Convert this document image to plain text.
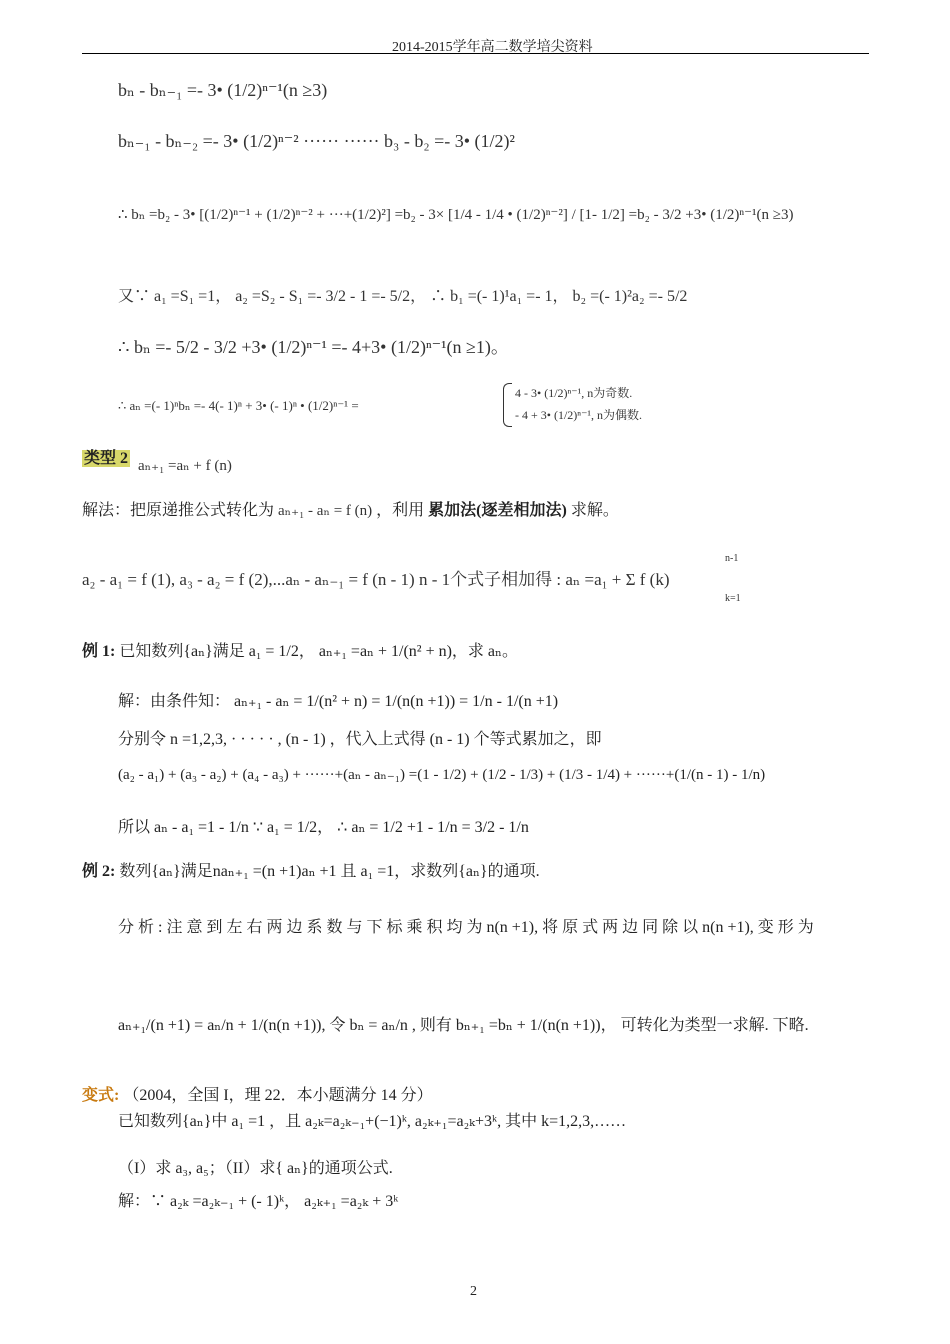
2014-2015学年高二数学培尖资料
bₙ - bₙ₋₁ =- 3• (1/2)ⁿ⁻¹(n ≥3)
bₙ₋₁ - bₙ₋₂ =- 3• (1/2)ⁿ⁻² ······ ······ b₃ - b₂ =- 3• (1/2)²
∴ bₙ =b₂ - 3• [(1/2)ⁿ⁻¹ + (1/2)ⁿ⁻² + ···+(1/2)²] =b₂ - 3× [1/4 - 1/4 • (1/2)ⁿ⁻²] / [1- 1/2] =b₂ - 3/2 +3• (1/2)ⁿ⁻¹(n ≥3)
又∵ a₁ =S₁ =1， a₂ =S₂ - S₁ =- 3/2 - 1 =- 5/2， ∴ b₁ =(- 1)¹a₁ =- 1， b₂ =(- 1)²a₂ =- 5/2
∴ bₙ =- 5/2 - 3/2 +3• (1/2)ⁿ⁻¹ =- 4+3• (1/2)ⁿ⁻¹(n ≥1)。
∴ aₙ =(- 1)ⁿbₙ =- 4(- 1)ⁿ + 3• (- 1)ⁿ • (1/2)ⁿ⁻¹ =
4 - 3• (1/2)ⁿ⁻¹, n为奇数.
- 4 + 3• (1/2)ⁿ⁻¹, n为偶数.
类型 2 aₙ₊₁ =aₙ + f (n)
解法：把原递推公式转化为 aₙ₊₁ - aₙ = f (n) ，利用 累加法(逐差相加法) 求解。
a₂ - a₁ = f (1), a₃ - a₂ = f (2),...aₙ - aₙ₋₁ = f (n - 1) n - 1个式子相加得 : aₙ =a₁ + Σ f (k)
n-1
k=1
例 1: 已知数列{aₙ}满足 a₁ = 1/2， aₙ₊₁ =aₙ + 1/(n² + n)，求 aₙ。
解：由条件知： aₙ₊₁ - aₙ = 1/(n² + n) = 1/(n(n +1)) = 1/n - 1/(n +1)
分别令 n =1,2,3, · · · · · , (n - 1) ，代入上式得 (n - 1) 个等式累加之，即
(a₂ - a₁) + (a₃ - a₂) + (a₄ - a₃) + ······+(aₙ - aₙ₋₁) =(1 - 1/2) + (1/2 - 1/3) + (1/3 - 1/4) + ······+(1/(n - 1) - 1/n)
所以 aₙ - a₁ =1 - 1/n ∵ a₁ = 1/2， ∴ aₙ = 1/2 +1 - 1/n = 3/2 - 1/n
例 2: 数列{aₙ}满足naₙ₊₁ =(n +1)aₙ +1 且 a₁ =1，求数列{aₙ}的通项.
分 析 : 注 意 到 左 右 两 边 系 数 与 下 标 乘 积 均 为 n(n +1), 将 原 式 两 边 同 除 以 n(n +1), 变 形 为
aₙ₊₁/(n +1) = aₙ/n + 1/(n(n +1)), 令 bₙ = aₙ/n , 则有 bₙ₊₁ =bₙ + 1/(n(n +1))， 可转化为类型一求解. 下略.
变式: （2004，全国 I，理 22．本小题满分 14 分）
已知数列{aₙ}中 a₁ =1 ，且 a₂ₖ=a₂ₖ₋₁+(−1)ᵏ, a₂ₖ₊₁=a₂ₖ+3ᵏ, 其中 k=1,2,3,……
（I）求 a₃, a₅；（II）求{ aₙ}的通项公式.
解：∵ a₂ₖ =a₂ₖ₋₁ + (- 1)ᵏ， a₂ₖ₊₁ =a₂ₖ + 3ᵏ
2
